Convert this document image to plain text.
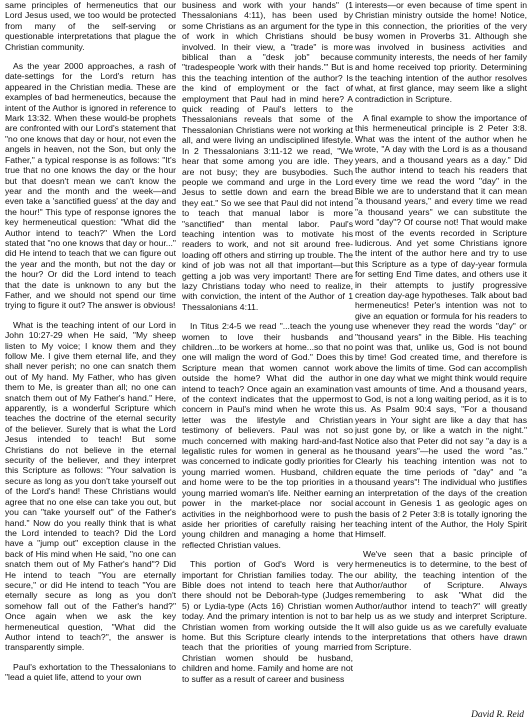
same principles of hermeneutics that our Lord Jesus used, we too would be protected from many of the self-serving or questionable interpretations that plague the Christian community.

As the year 2000 approaches, a rash of date-settings for the Lord's return has appeared in the Christian media. These are examples of bad hermeneutics, because the intent of the Author is ignored in reference to Mark 13:32. When these would-be prophets are confronted with our Lord's statement that "no one knows that day or hour, not even the angels in heaven, not the Son, but only the Father," a typical response is as follows: "It's true that no one knows the day or the hour but that doesn't mean we can't know the year and the month and the week—and even take a 'sanctified guess' at the day and the hour!" This type of response ignores the key hermeneutical question: "What did the Author intend to teach?" When the Lord stated that "no one knows that day or hour..." did He intend to teach that we can figure out the year and the month, but not the day or the hour? Or did the Lord intend to teach that the date is unknown to any but the Father, and we should not spend our time trying to figure it out? The answer is obvious!

What is the teaching intent of our Lord in John 10:27-29 when He said, "My sheep listen to My voice; I know them and they follow Me. I give them eternal life, and they shall never perish; no one can snatch them out of My hand. My Father, who has given them to Me, is greater than all; no one can snatch them out of My Father's hand." Here, apparently, is a wonderful Scripture which teaches the doctrine of the eternal security of the believer. Surely that is what the Lord Jesus intended to teach! But some Christians do not believe in the eternal security of the believer, and they interpret this Scripture as follows: "Your salvation is secure as long as you don't take yourself out of the Lord's hand! These Christians would agree that no one else can take you out, but you can "take yourself out" of the Father's hand." Now do you really think that is what the Lord intended to teach? Did the Lord have a "jump out" exception clause in the back of His mind when He said, "no one can snatch them out of My Father's hand"? Did He intend to teach "You are eternally secure," or did He intend to teach "You are eternally secure as long as you don't somehow fall out of the Father's hand?" Once again when we ask the key hermeneutical question, "What did the Author intend to teach?", the answer is transparently simple.

Paul's exhortation to the Thessalonians to "lead a quiet life, attend to your own

business and work with your hands" (1 Thessalonians 4:11), has been used by some Christians as an argument for the type of work in which Christians should be involved. In their view, a "trade" is more biblical than a "desk job" because "tradespeople 'work with their hands.'" But is this the teaching intention of the author? Is the kind of employment or the fact of employment that Paul had in mind here? A quick reading of Paul's letters to the Thessalonians reveals that some of the Thessalonian Christians were not working at all, and were living an undisciplined lifestyle. In 2 Thessalonians 3:11-12 we read, "We hear that some among you are idle. They are not busy; they are busybodies. Such people we command and urge in the Lord Jesus to settle down and earn the bread they eat." So we see that Paul did not intend to teach that manual labor is more "sanctified" than mental labor. Paul's teaching intention was to motivate his readers to work, and not sit around free-loading off others and stirring up trouble. The kind of job was not all that important—but getting a job was very important! There are lazy Christians today who need to realize, with conviction, the intent of the Author of 1 Thessalonians 4:11.

In Titus 2:4-5 we read "...teach the young women to love their husbands and children...to be workers at home...so that no one will malign the word of God." Does this Scripture mean that women cannot work outside the home? What did the author intend to teach? Once again an examination of the context indicates that the uppermost concern in Paul's mind when he wrote this letter was the lifestyle and Christian testimony of believers. Paul was not so much concerned with making hard-and-fast legalistic rules for women in general as he was concerned to indicate godly priorities for young married women. Husband, children and home were to be the top priorities in a young married woman's life. Neither earning power in the market-place nor social activities in the neighborhood were to push aside her priorities of carefully raising her young children and managing a home that reflected Christian values.

This portion of God's Word is very important for Christian families today. The Bible does not intend to teach here that there should not be Deborah-type (Judges 5) or Lydia-type (Acts 16) Christian women today. And the primary intention is not to bar Christian women from working outside the home. But this Scripture clearly intends to teach that the priorities of young married Christian women should be husband, children and home. Family and home are not to suffer as a result of career and business

interests—or even because of time spent in Christian ministry outside the home! Notice, in this connection, the priorities of the very busy women in Proverbs 31. Although she was involved in business activities and community interests, the needs of her family and home received top priority. Determining the teaching intention of the author resolves what, at first glance, may seem like a slight contradiction in Scripture.

A final example to show the importance of this hermeneutical principle is 2 Peter 3:8. What was the intent of the author when he wrote, "A day with the Lord is as a thousand years, and a thousand years as a day." Did the author intend to teach his readers that every time we read the word "day" in the Bible we are to understand that it can mean "a thousand years," and every time we read "a thousand years" we can substitute the word "day"? Of course not! That would make most of the events recorded in Scripture ludicrous. And yet some Christians ignore the intent of the author here and try to use this Scripture as a type of day-year formula for setting End Time dates, and others use it in their attempts to justify progressive creation day-age hypotheses. Talk about bad hermeneutics! Peter's intention was not to give an equation or formula for his readers to use whenever they read the words "day" or "thousand years" in the Bible. His teaching point was that, unlike us, God is not bound by time! God created time, and therefore is above the limits of time. God can accomplish in one day what we might think would require vast amounts of time. And a thousand years, to God, is not a long waiting period, as it is to us. As Psalm 90:4 says, "For a thousand years in Your sight are like a day that has just gone by, or like a watch in the night." Notice also that Peter did not say "a day is a thousand years"—he used the word "as." Clearly his teaching intention was not to equate the time periods of "day" and "a thousand years"! The individual who justifies an interpretation of the days of the creation account in Genesis 1 as geologic ages on the basis of 2 Peter 3:8 is totally ignoring the teaching intent of the Author, the Holy Spirit Himself.

We've seen that a basic principle of hermeneutics is to determine, to the best of our ability, the teaching intention of the Author/author of Scripture. Always remembering to ask "What did the Author/author intend to teach?" will greatly help us as we study and interpret Scripture. It will also guide us as we carefully evaluate the interpretations that others have drawn from Scripture.

David R. Reid
